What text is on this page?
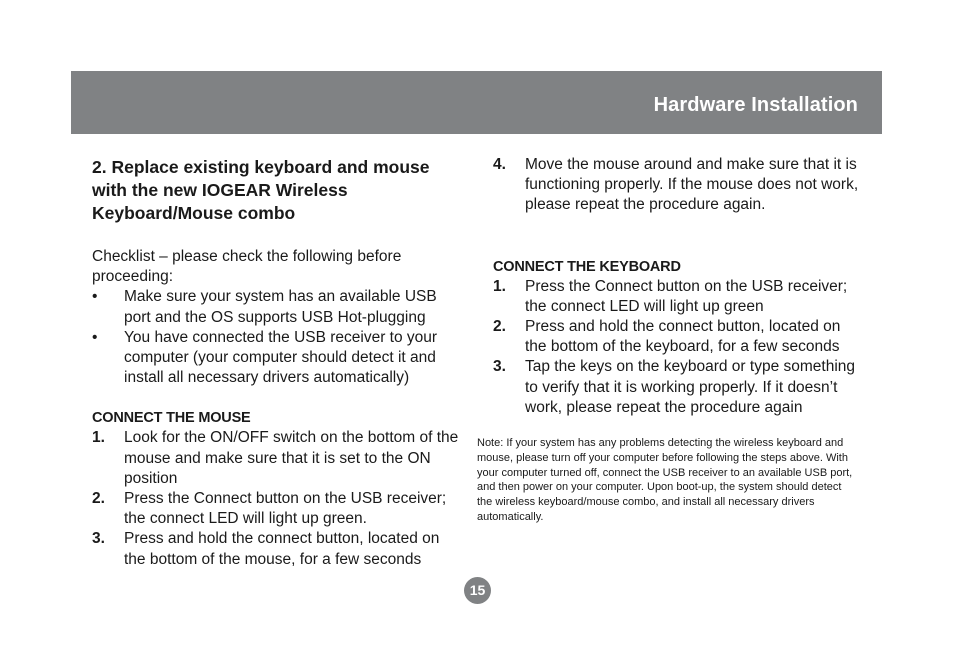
Hardware Installation
2. Replace existing keyboard and mouse with the new IOGEAR Wireless Keyboard/Mouse combo
Checklist – please check the following before proceeding:
• Make sure your system has an available USB port and the OS supports USB Hot-plugging
• You have connected the USB receiver to your computer (your computer should detect it and install all necessary drivers automatically)
CONNECT THE MOUSE
1. Look for the ON/OFF switch on the bottom of the mouse and make sure that it is set to the ON position
2. Press the Connect button on the USB receiver; the connect LED will light up green.
3. Press and hold the connect button, located on the bottom of the mouse, for a few seconds
4. Move the mouse around and make sure that it is functioning properly. If the mouse does not work, please repeat the procedure again.
CONNECT THE KEYBOARD
1. Press the Connect button on the USB receiver; the connect LED will light up green
2. Press and hold the connect button, located on the bottom of the keyboard, for a few seconds
3. Tap the keys on the keyboard or type something to verify that it is working properly. If it doesn’t work, please repeat the procedure again
Note: If your system has any problems detecting the wireless keyboard and mouse, please turn off your computer before following the steps above. With your computer turned off, connect the USB receiver to an available USB port, and then power on your computer. Upon boot-up, the system should detect the wireless keyboard/mouse combo, and install all necessary drivers automatically.
15
